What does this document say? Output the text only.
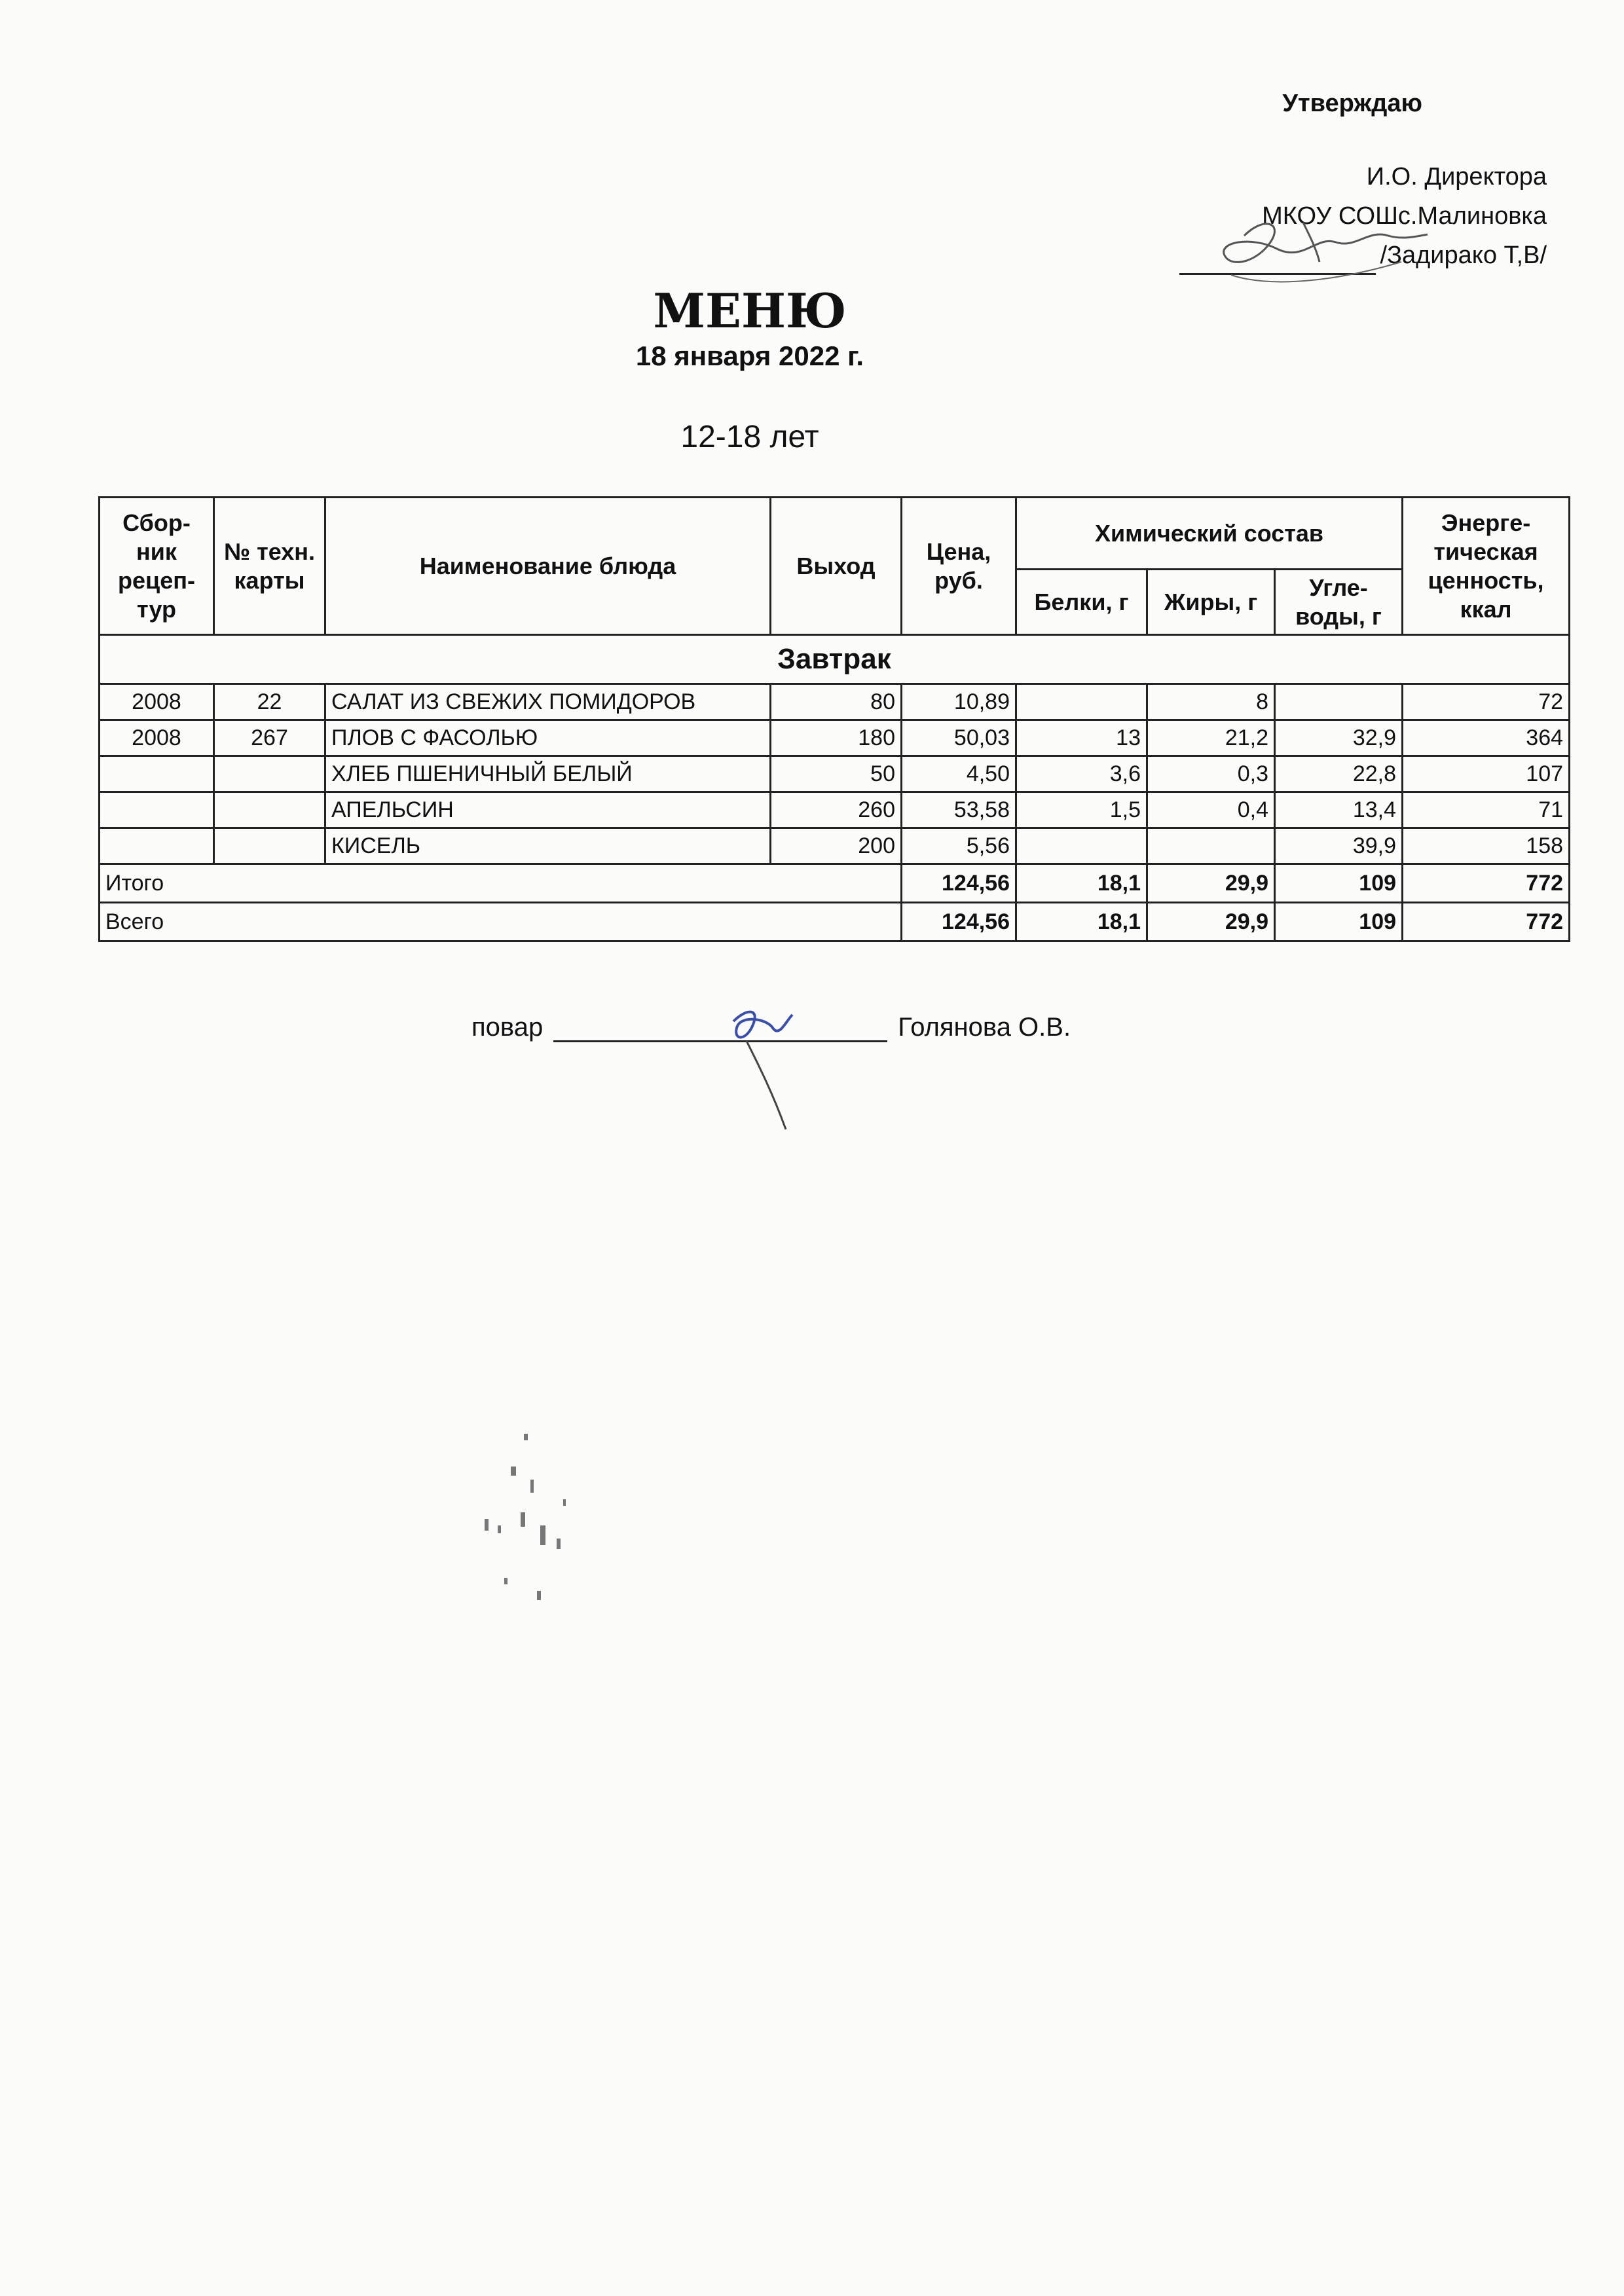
Утверждаю
И.О. Директора
МКОУ СОШс.Малиновка
/Задирако Т,В/
МЕНЮ
18 января 2022 г.
12-18 лет
Сбор-ник рецеп-тур	№ техн. карты	Наименование блюда	Выход	Цена, руб.	Химический состав			Энерге-тическая ценность, ккал
					Белки, г	Жиры, г	Угле-воды, г	
Завтрак								
2008	22	САЛАТ ИЗ СВЕЖИХ ПОМИДОРОВ	80	10,89		8		72
2008	267	ПЛОВ С ФАСОЛЬЮ	180	50,03	13	21,2	32,9	364
		ХЛЕБ ПШЕНИЧНЫЙ БЕЛЫЙ	50	4,50	3,6	0,3	22,8	107
		АПЕЛЬСИН	260	53,58	1,5	0,4	13,4	71
		КИСЕЛЬ	200	5,56			39,9	158
Итого				124,56	18,1	29,9	109	772
Всего				124,56	18,1	29,9	109	772
повар	Голянова О.В.
